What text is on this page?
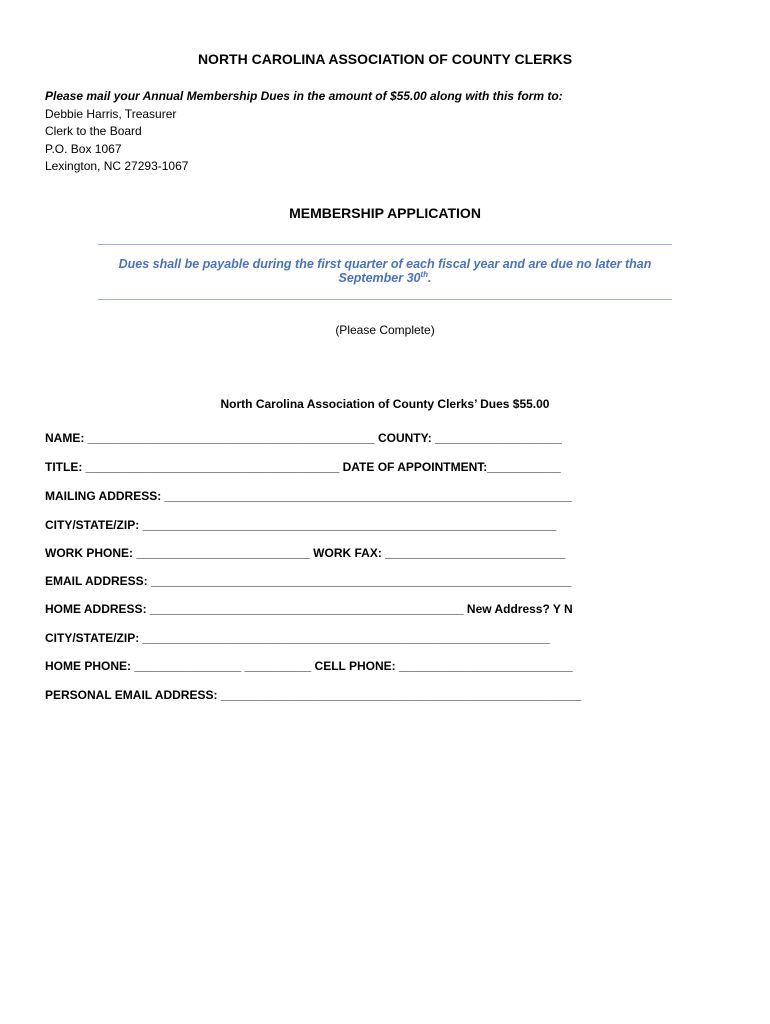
NORTH CAROLINA ASSOCIATION OF COUNTY CLERKS
Please mail your Annual Membership Dues in the amount of $55.00 along with this form to:
Debbie Harris, Treasurer
Clerk to the Board
P.O. Box 1067
Lexington, NC 27293-1067
MEMBERSHIP APPLICATION
Dues shall be payable during the first quarter of each fiscal year and are due no later than September 30th.
(Please Complete)
North Carolina Association of County Clerks’ Dues $55.00
NAME: ___________________________________________ COUNTY: ___________________
TITLE: ______________________________________ DATE OF APPOINTMENT:___________
MAILING ADDRESS: _____________________________________________________________
CITY/STATE/ZIP: ______________________________________________________________
WORK PHONE: __________________________ WORK FAX: ___________________________
EMAIL ADDRESS: _______________________________________________________________
HOME ADDRESS: _______________________________________________ New Address? Y N
CITY/STATE/ZIP: _____________________________________________________________
HOME PHONE: ________________ __________ CELL PHONE: __________________________
PERSONAL EMAIL ADDRESS: ______________________________________________________
